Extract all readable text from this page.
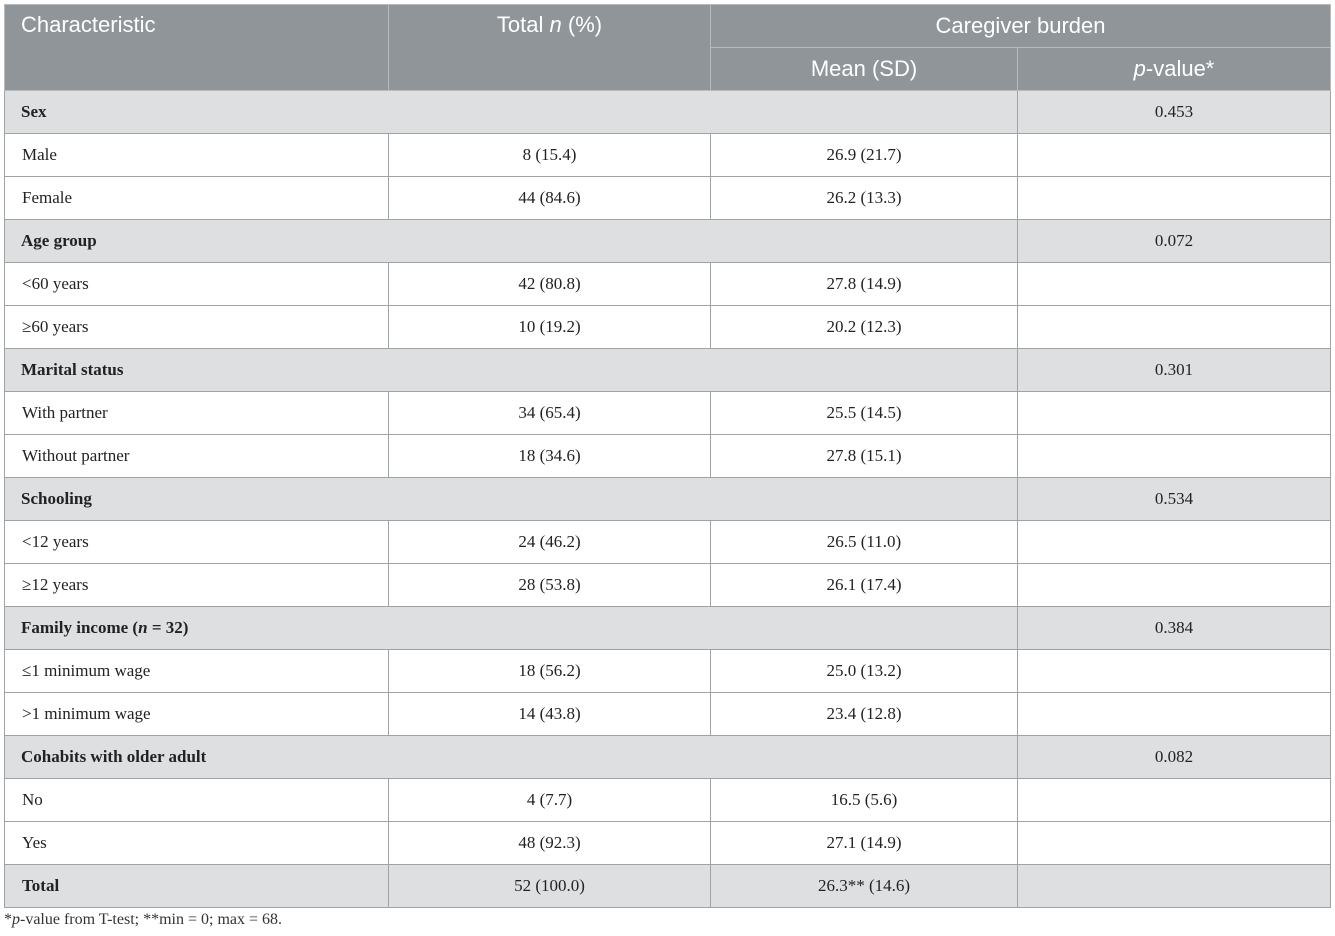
Characteristic	Total n (%)	Caregiver burden	
		Mean (SD)	p-value*
Sex			0.453
Male	8 (15.4)	26.9 (21.7)	
Female	44 (84.6)	26.2 (13.3)	
Age group			0.072
<60 years	42 (80.8)	27.8 (14.9)	
≥60 years	10 (19.2)	20.2 (12.3)	
Marital status			0.301
With partner	34 (65.4)	25.5 (14.5)	
Without partner	18 (34.6)	27.8 (15.1)	
Schooling			0.534
<12 years	24 (46.2)	26.5 (11.0)	
≥12 years	28 (53.8)	26.1 (17.4)	
Family income (n = 32)			0.384
≤1 minimum wage	18 (56.2)	25.0 (13.2)	
>1 minimum wage	14 (43.8)	23.4 (12.8)	
Cohabits with older adult			0.082
No	4 (7.7)	16.5 (5.6)	
Yes	48 (92.3)	27.1 (14.9)	
Total	52 (100.0)	26.3** (14.6)	
*p-value from T-test; **min = 0; max = 68.
